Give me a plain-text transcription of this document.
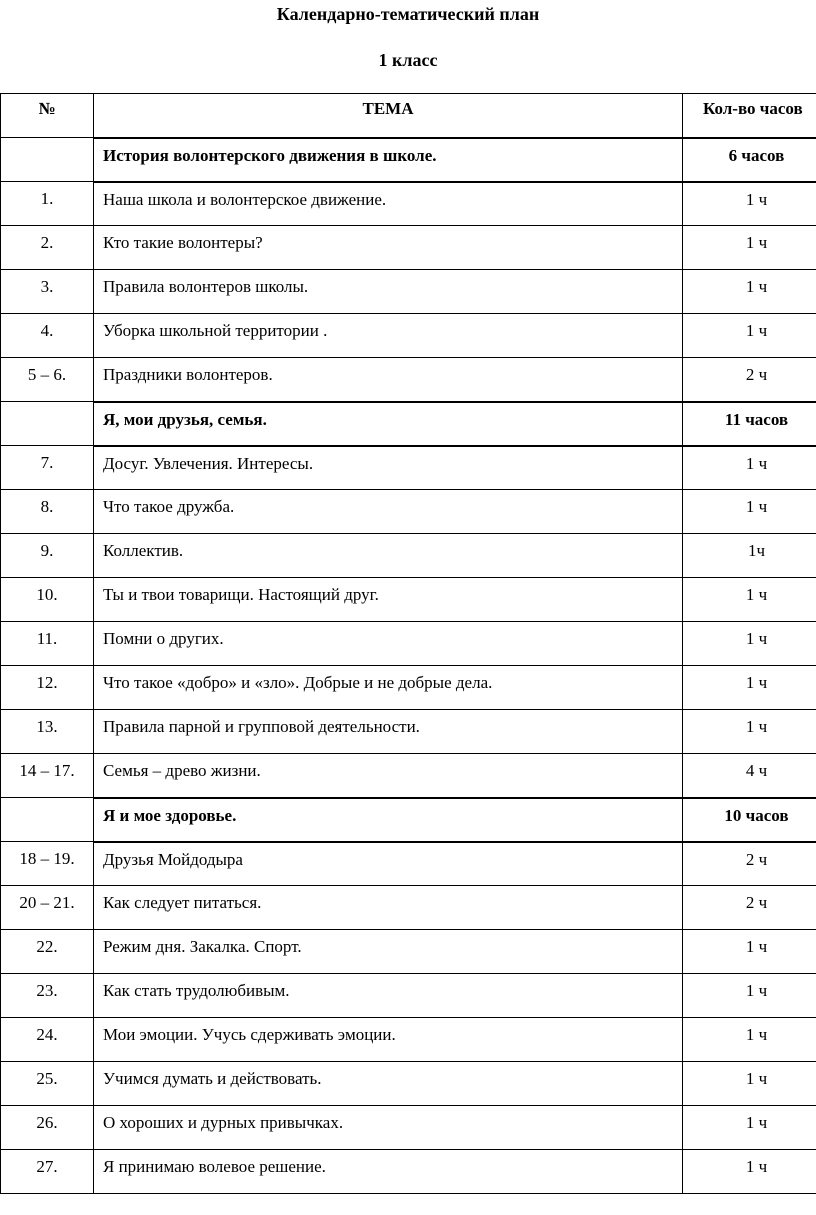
Календарно-тематический план
1 класс
№	ТЕМА	Кол-во часов
	История волонтерского движения в школе.	6 часов
1.	Наша школа и волонтерское движение.	1 ч
2.	Кто такие волонтеры?	1 ч
3.	Правила волонтеров школы.	1 ч
4.	Уборка школьной территории .	1 ч
5 – 6.	Праздники волонтеров.	2 ч
	Я, мои друзья, семья.	11 часов
7.	Досуг. Увлечения. Интересы.	1 ч
8.	Что такое дружба.	1 ч
9.	Коллектив.	1ч
10.	Ты и твои товарищи. Настоящий друг.	1 ч
11.	Помни о других.	1 ч
12.	Что такое «добро» и «зло». Добрые и не добрые дела.	1 ч
13.	Правила парной и групповой деятельности.	1 ч
14 – 17.	Семья – древо жизни.	4 ч
	Я и мое здоровье.	10 часов
18 – 19.	Друзья Мойдодыра	2 ч
20 – 21.	Как следует питаться.	2 ч
22.	Режим дня. Закалка. Спорт.	1 ч
23.	Как стать трудолюбивым.	1 ч
24.	Мои эмоции. Учусь сдерживать эмоции.	1 ч
25.	Учимся думать и действовать.	1 ч
26.	О хороших и дурных привычках.	1 ч
27.	Я принимаю волевое решение.	1 ч
